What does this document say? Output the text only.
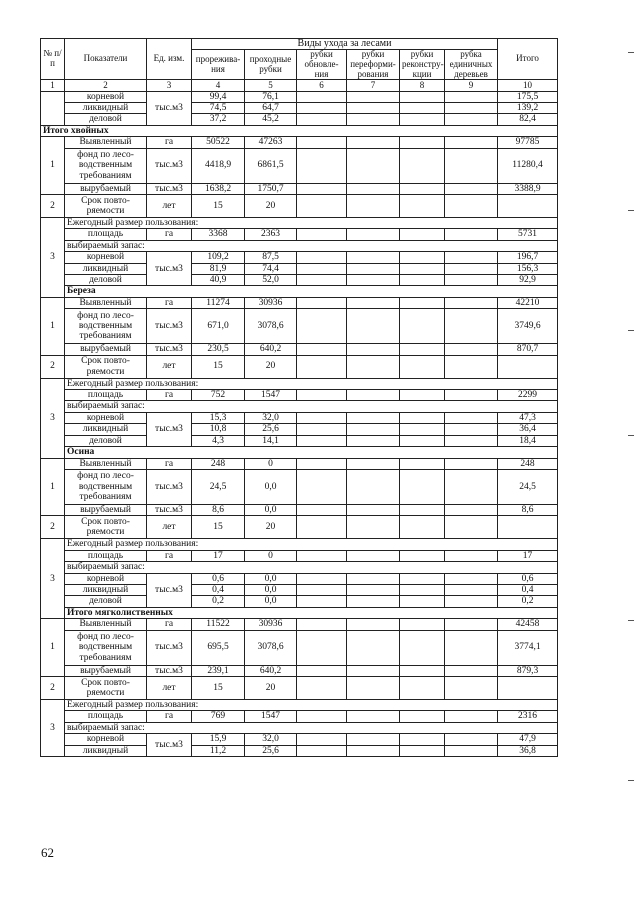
№ п/ п	Показатели	Ед. изм.	Виды ухода за лесами						Итого
			прорежива-ния	проходные рубки	рубки обновле-ния	рубки переформи-рования	рубки реконстру-кции	рубка единичных деревьев	
1	2	3	4	5	6	7	8	9	10
	корневой	тыс.м3	99,4	76,1					175,5
	ликвидный		74,5	64,7					139,2
	деловой		37,2	45,2					82,4
Итого хвойных									
1	Выявленный	га	50522	47263					97785
	фонд по лесо-водственным требованиям	тыс.м3	4418,9	6861,5					11280,4
	вырубаемый	тыс.м3	1638,2	1750,7					3388,9
2	Срок повто-ряемости	лет	15	20					
3	Ежегодный размер пользования:								
	площадь	га	3368	2363					5731
	выбираемый запас:								
	корневой	тыс.м3	109,2	87,5					196,7
	ликвидный		81,9	74,4					156,3
	деловой		40,9	52,0					92,9
	Береза								
1	Выявленный	га	11274	30936					42210
	фонд по лесо-водственным требованиям	тыс.м3	671,0	3078,6					3749,6
	вырубаемый	тыс.м3	230,5	640,2					870,7
2	Срок повто-ряемости	лет	15	20					
3	Ежегодный размер пользования:								
	площадь	га	752	1547					2299
	выбираемый запас:								
	корневой	тыс.м3	15,3	32,0					47,3
	ликвидный		10,8	25,6					36,4
	деловой		4,3	14,1					18,4
	Осина								
1	Выявленный	га	248	0					248
	фонд по лесо-водственным требованиям	тыс.м3	24,5	0,0					24,5
	вырубаемый	тыс.м3	8,6	0,0					8,6
2	Срок повто-ряемости	лет	15	20					
3	Ежегодный размер пользования:								
	площадь	га	17	0					17
	выбираемый запас:								
	корневой	тыс.м3	0,6	0,0					0,6
	ликвидный		0,4	0,0					0,4
	деловой		0,2	0,0					0,2
	Итого мягколиственных								
1	Выявленный	га	11522	30936					42458
	фонд по лесо-водственным требованиям	тыс.м3	695,5	3078,6					3774,1
	вырубаемый	тыс.м3	239,1	640,2					879,3
2	Срок повто-ряемости	лет	15	20					
3	Ежегодный размер пользования:								
	площадь	га	769	1547					2316
	выбираемый запас:								
	корневой	тыс.м3	15,9	32,0					47,9
	ликвидный		11,2	25,6					36,8
62
